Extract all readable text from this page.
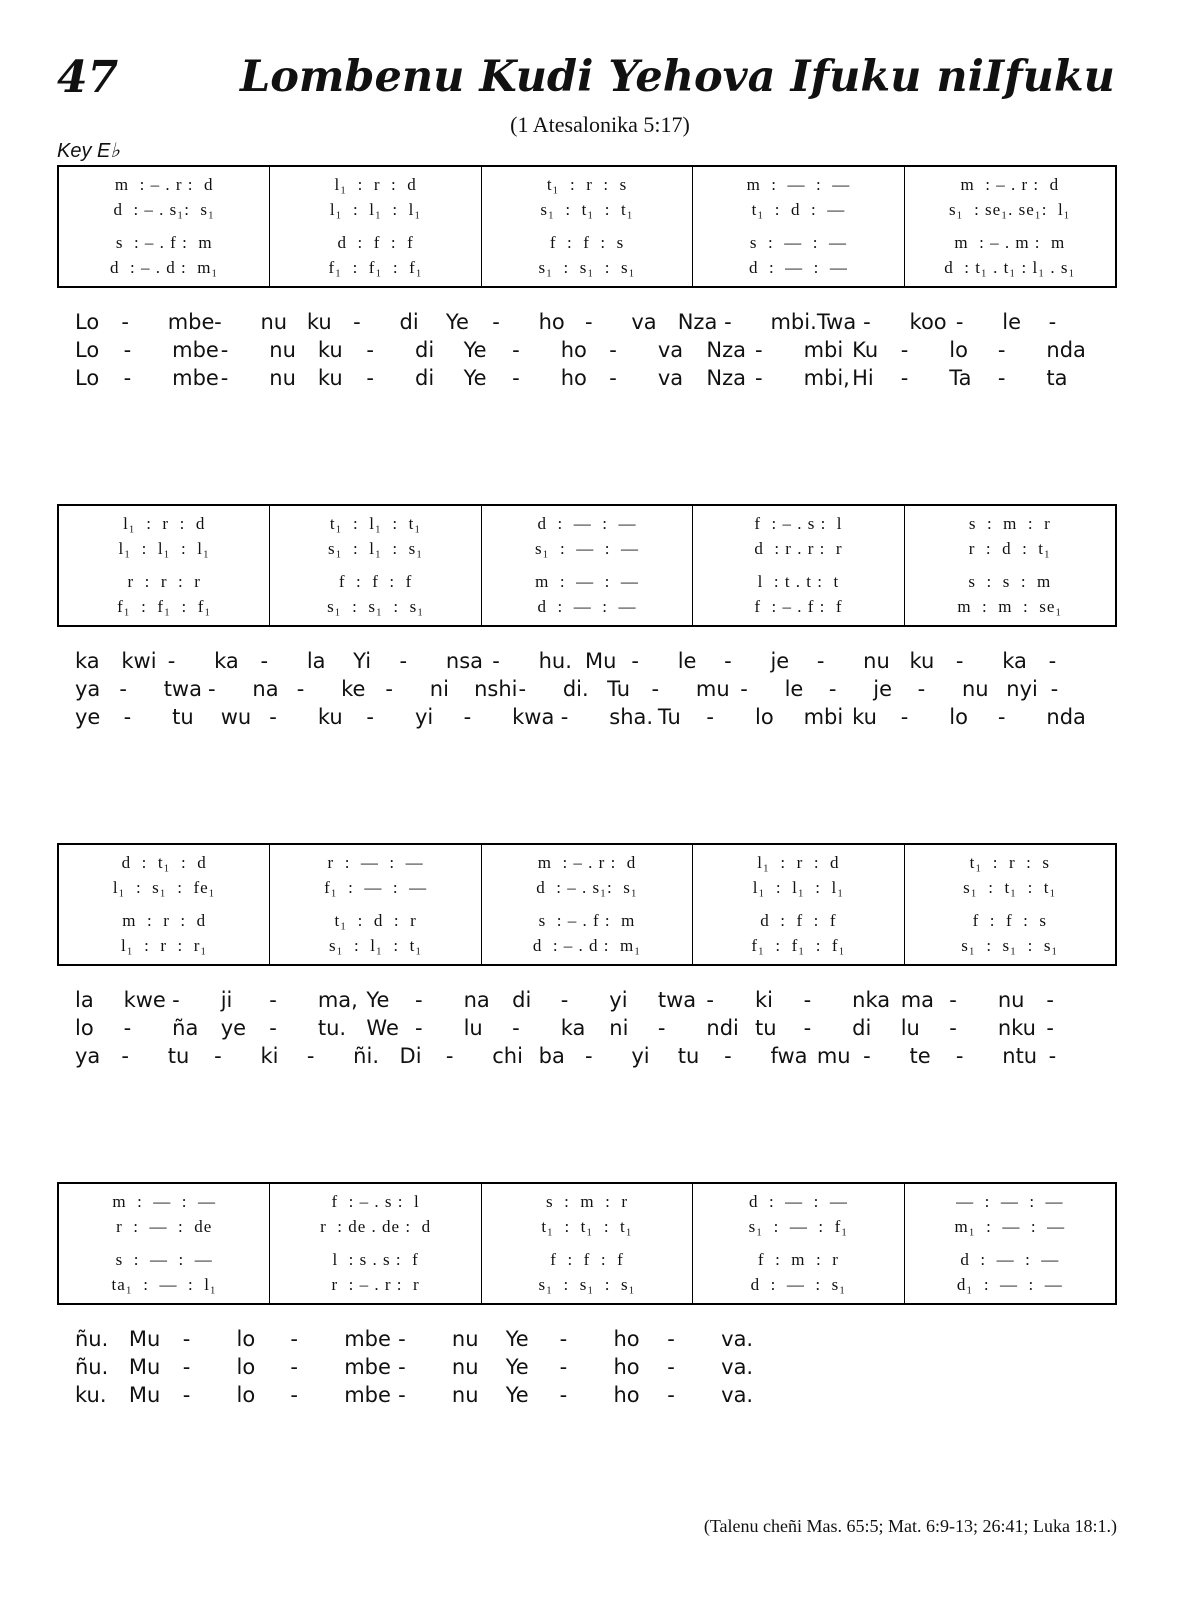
47	Lombenu Kudi Yehova Ifuku niIfuku
(1 Atesalonika 5:17)
Key E♭
m  : – . r :  d
d  : – . s₁:  s₁
s  : – . f :  m
d  : – . d :  m₁
l₁  :  r  :  d
l₁  :  l₁  :  l₁
d  :  f  :  f
f₁  :  f₁  :  f₁
t₁  :  r  :  s
s₁  :  t₁  :  t₁
f  :  f  :  s
s₁  :  s₁  :  s₁
m  :  —  :  —
t₁  :  d  :  —
s  :  —  :  —
d  :  —  :  —
m  : – . r :  d
s₁  : se₁. se₁:  l₁
m  : – . m :  m
d  : t₁ . t₁ : l₁ . s₁
l₁  :  r  :  d
l₁  :  l₁  :  l₁
r  :  r  :  r
f₁  :  f₁  :  f₁
t₁  :  l₁  :  t₁
s₁  :  l₁  :  s₁
f  :  f  :  f
s₁  :  s₁  :  s₁
d  :  —  :  —
s₁  :  —  :  —
m  :  —  :  —
d  :  —  :  —
f  : – . s :  l
d  : r . r :  r
l  : t . t :  t
f  : – . f :  f
s  :  m  :  r
r  :  d  :  t₁
s  :  s  :  m
m  :  m  :  se₁
d  :  t₁  :  d
l₁  :  s₁  :  fe₁
m  :  r  :  d
l₁  :  r  :  r₁
r  :  —  :  —
f₁  :  —  :  —
t₁  :  d  :  r
s₁  :  l₁  :  t₁
m  : – . r :  d
d  : – . s₁:  s₁
s  : – . f :  m
d  : – . d :  m₁
l₁  :  r  :  d
l₁  :  l₁  :  l₁
d  :  f  :  f
f₁  :  f₁  :  f₁
t₁  :  r  :  s
s₁  :  t₁  :  t₁
f  :  f  :  s
s₁  :  s₁  :  s₁
m  :  —  :  —
r  :  —  :  de
s  :  —  :  —
ta₁  :  —  :  l₁
f  : – . s :  l
r  : de . de :  d
l  : s . s :  f
r  : – . r :  r
s  :  m  :  r
t₁  :  t₁  :  t₁
f  :  f  :  f
s₁  :  s₁  :  s₁
d  :  —  :  —
s₁  :  —  :  f₁
f  :  m  :  r
d  :  —  :  s₁
—  :  —  :  —
m₁  :  —  :  —
d  :  —  :  —
d₁  :  —  :  —
(Talenu cheñi Mas. 65:5; Mat. 6:9-13; 26:41; Luka 18:1.)
Lo - mbe - nu ku - di Ye - ho - va Nza - mbi. Twa - koo - le -
Lo - mbe - nu ku - di Ye - ho - va Nza - mbi Ku - lo - nda
Lo - mbe - nu ku - di Ye - ho - va Nza - mbi, Hi - Ta - ta
ka kwi - ka - la Yi - nsa - hu. Mu - le - je - nu ku - ka -
ya - twa - na - ke - ni nshi - di. Tu - mu - le - je - nu nyi -
ye - tu wu - ku - yi - kwa - sha. Tu - lo mbi ku - lo - nda
la kwe - ji - ma, Ye - na di - yi twa - ki - nka ma - nu -
lo - ña ye - tu. We - lu - ka ni - ndi tu - di lu - nku -
ya - tu - ki - ñi. Di - chi ba - yi tu - fwa mu - te - ntu -
ñu. Mu - lo - mbe - nu Ye - ho - va.
ñu. Mu - lo - mbe - nu Ye - ho - va.
ku. Mu - lo - mbe - nu Ye - ho - va.
